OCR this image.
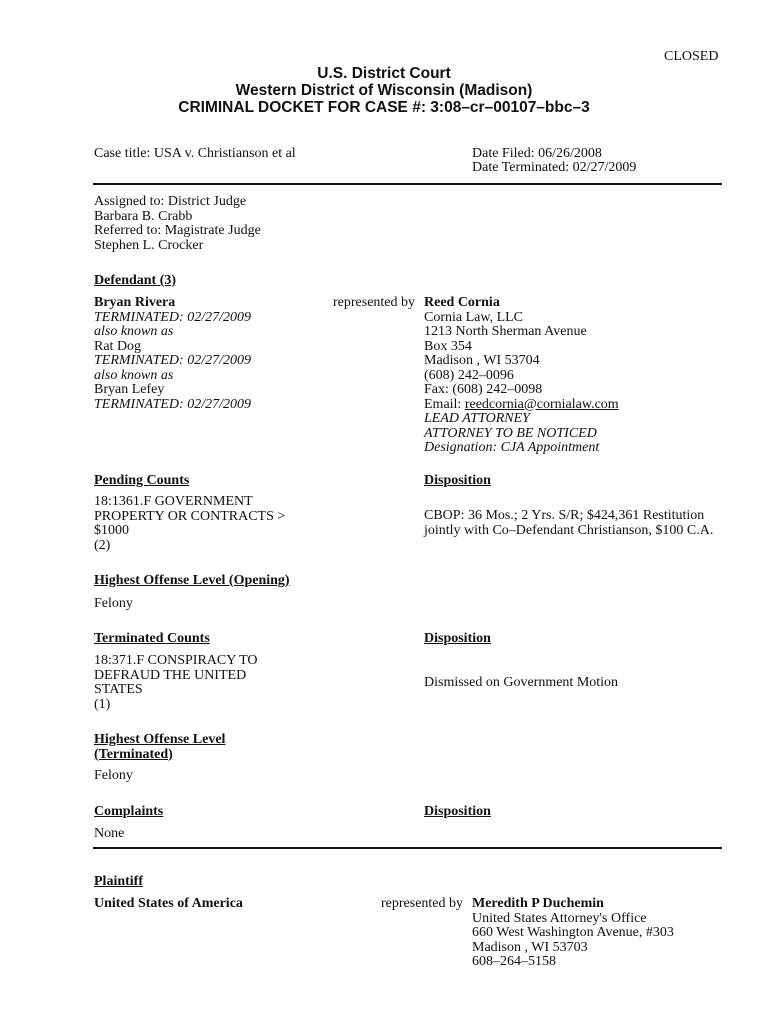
CLOSED
U.S. District Court
Western District of Wisconsin (Madison)
CRIMINAL DOCKET FOR CASE #: 3:08–cr–00107–bbc–3
Case title: USA v. Christianson et al	Date Filed: 06/26/2008
Date Terminated: 02/27/2009
Assigned to: District Judge
Barbara B. Crabb
Referred to: Magistrate Judge
Stephen L. Crocker
Defendant (3)
Bryan Rivera
TERMINATED: 02/27/2009
also known as
Rat Dog
TERMINATED: 02/27/2009
also known as
Bryan Lefey
TERMINATED: 02/27/2009
represented by Reed Cornia
Cornia Law, LLC
1213 North Sherman Avenue
Box 354
Madison , WI 53704
(608) 242–0096
Fax: (608) 242–0098
Email: reedcornia@cornialaw.com
LEAD ATTORNEY
ATTORNEY TO BE NOTICED
Designation: CJA Appointment
Pending Counts	Disposition
18:1361.F GOVERNMENT
PROPERTY OR CONTRACTS >
$1000
(2)
CBOP: 36 Mos.; 2 Yrs. S/R; $424,361 Restitution
jointly with Co–Defendant Christianson, $100 C.A.
Highest Offense Level (Opening)
Felony
Terminated Counts	Disposition
18:371.F CONSPIRACY TO
DEFRAUD THE UNITED
STATES
(1)
Dismissed on Government Motion
Highest Offense Level
(Terminated)
Felony
Complaints	Disposition
None
Plaintiff
United States of America	represented by Meredith P Duchemin
United States Attorney's Office
660 West Washington Avenue, #303
Madison , WI 53703
608–264–5158
